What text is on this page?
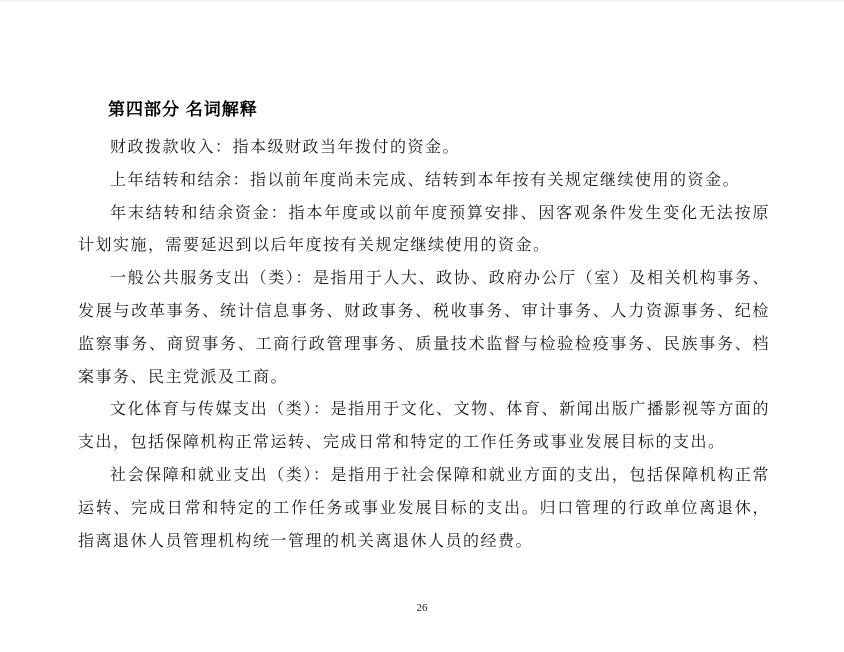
第四部分 名词解释

财政拨款收入：指本级财政当年拨付的资金。

上年结转和结余：指以前年度尚未完成、结转到本年按有关规定继续使用的资金。

年末结转和结余资金：指本年度或以前年度预算安排、因客观条件发生变化无法按原计划实施，需要延迟到以后年度按有关规定继续使用的资金。

一般公共服务支出（类）：是指用于人大、政协、政府办公厅（室）及相关机构事务、发展与改革事务、统计信息事务、财政事务、税收事务、审计事务、人力资源事务、纪检监察事务、商贸事务、工商行政管理事务、质量技术监督与检验检疫事务、民族事务、档案事务、民主党派及工商。

文化体育与传媒支出（类）：是指用于文化、文物、体育、新闻出版广播影视等方面的支出，包括保障机构正常运转、完成日常和特定的工作任务或事业发展目标的支出。

社会保障和就业支出（类）：是指用于社会保障和就业方面的支出，包括保障机构正常运转、完成日常和特定的工作任务或事业发展目标的支出。归口管理的行政单位离退休，指离退休人员管理机构统一管理的机关离退休人员的经费。

26
